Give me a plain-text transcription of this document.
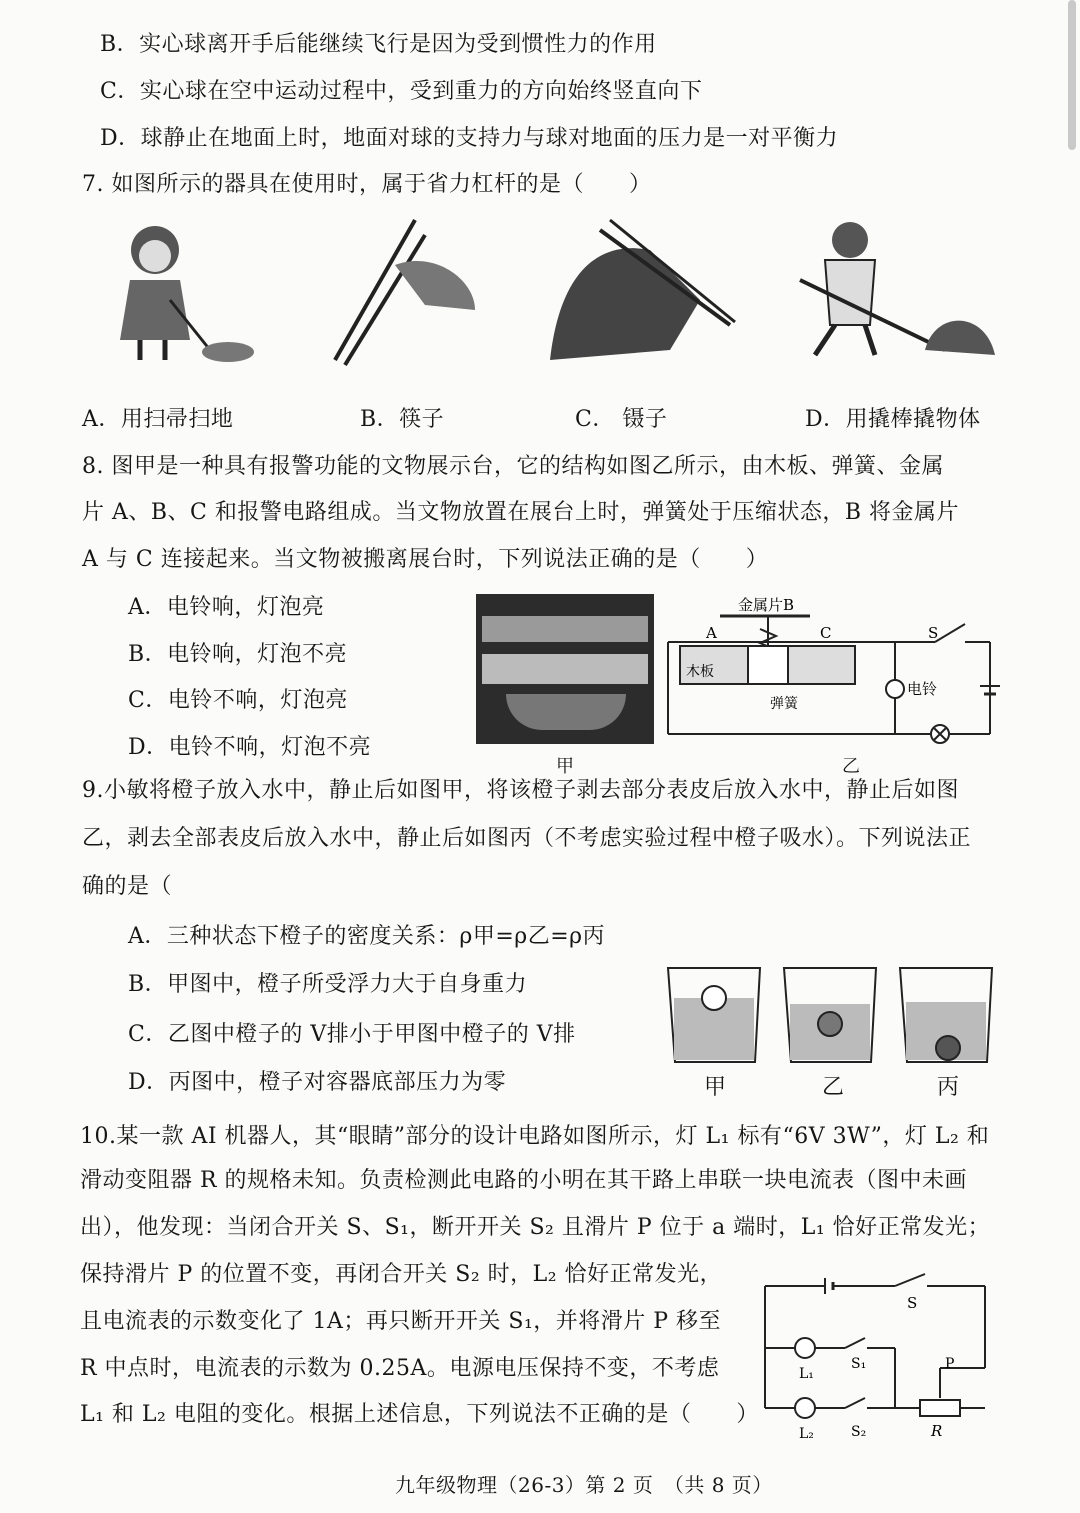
B．实心球离开手后能继续飞行是因为受到惯性力的作用
C．实心球在空中运动过程中，受到重力的方向始终竖直向下
D．球静止在地面上时，地面对球的支持力与球对地面的压力是一对平衡力
7. 如图所示的器具在使用时，属于省力杠杆的是（　　）
A．用扫帚扫地	B．筷子	C． 镊子	D．用撬棒撬物体
8. 图甲是一种具有报警功能的文物展示台，它的结构如图乙所示，由木板、弹簧、金属
片 A、B、C 和报警电路组成。当文物放置在展台上时，弹簧处于压缩状态，B 将金属片
A 与 C 连接起来。当文物被搬离展台时，下列说法正确的是（　　）
A．电铃响，灯泡亮
B．电铃响，灯泡不亮
C．电铃不响，灯泡亮
D．电铃不响，灯泡不亮
甲
金属片B
A	C	S
木板
弹簧
电铃
乙
9.小敏将橙子放入水中，静止后如图甲，将该橙子剥去部分表皮后放入水中，静止后如图
乙，剥去全部表皮后放入水中，静止后如图丙（不考虑实验过程中橙子吸水）。下列说法正
确的是（
A．三种状态下橙子的密度关系：ρ甲=ρ乙=ρ丙
B．甲图中，橙子所受浮力大于自身重力
C．乙图中橙子的 V排小于甲图中橙子的 V排
D．丙图中，橙子对容器底部压力为零	甲	乙	丙
10.某一款 AI 机器人，其“眼睛”部分的设计电路如图所示，灯 L₁ 标有“6V 3W”，灯 L₂ 和
滑动变阻器 R 的规格未知。负责检测此电路的小明在其干路上串联一块电流表（图中未画
出），他发现：当闭合开关 S、S₁，断开开关 S₂ 且滑片 P 位于 a 端时，L₁ 恰好正常发光；
保持滑片 P 的位置不变，再闭合开关 S₂ 时，L₂ 恰好正常发光，
且电流表的示数变化了 1A；再只断开开关 S₁，并将滑片 P 移至
R 中点时，电流表的示数为 0.25A。电源电压保持不变，不考虑
L₁ 和 L₂ 电阻的变化。根据上述信息，下列说法不正确的是（　　）
S
S₁
S₂
L₁
L₂
P
R
九年级物理（26-3）第 2 页　（共 8 页）
